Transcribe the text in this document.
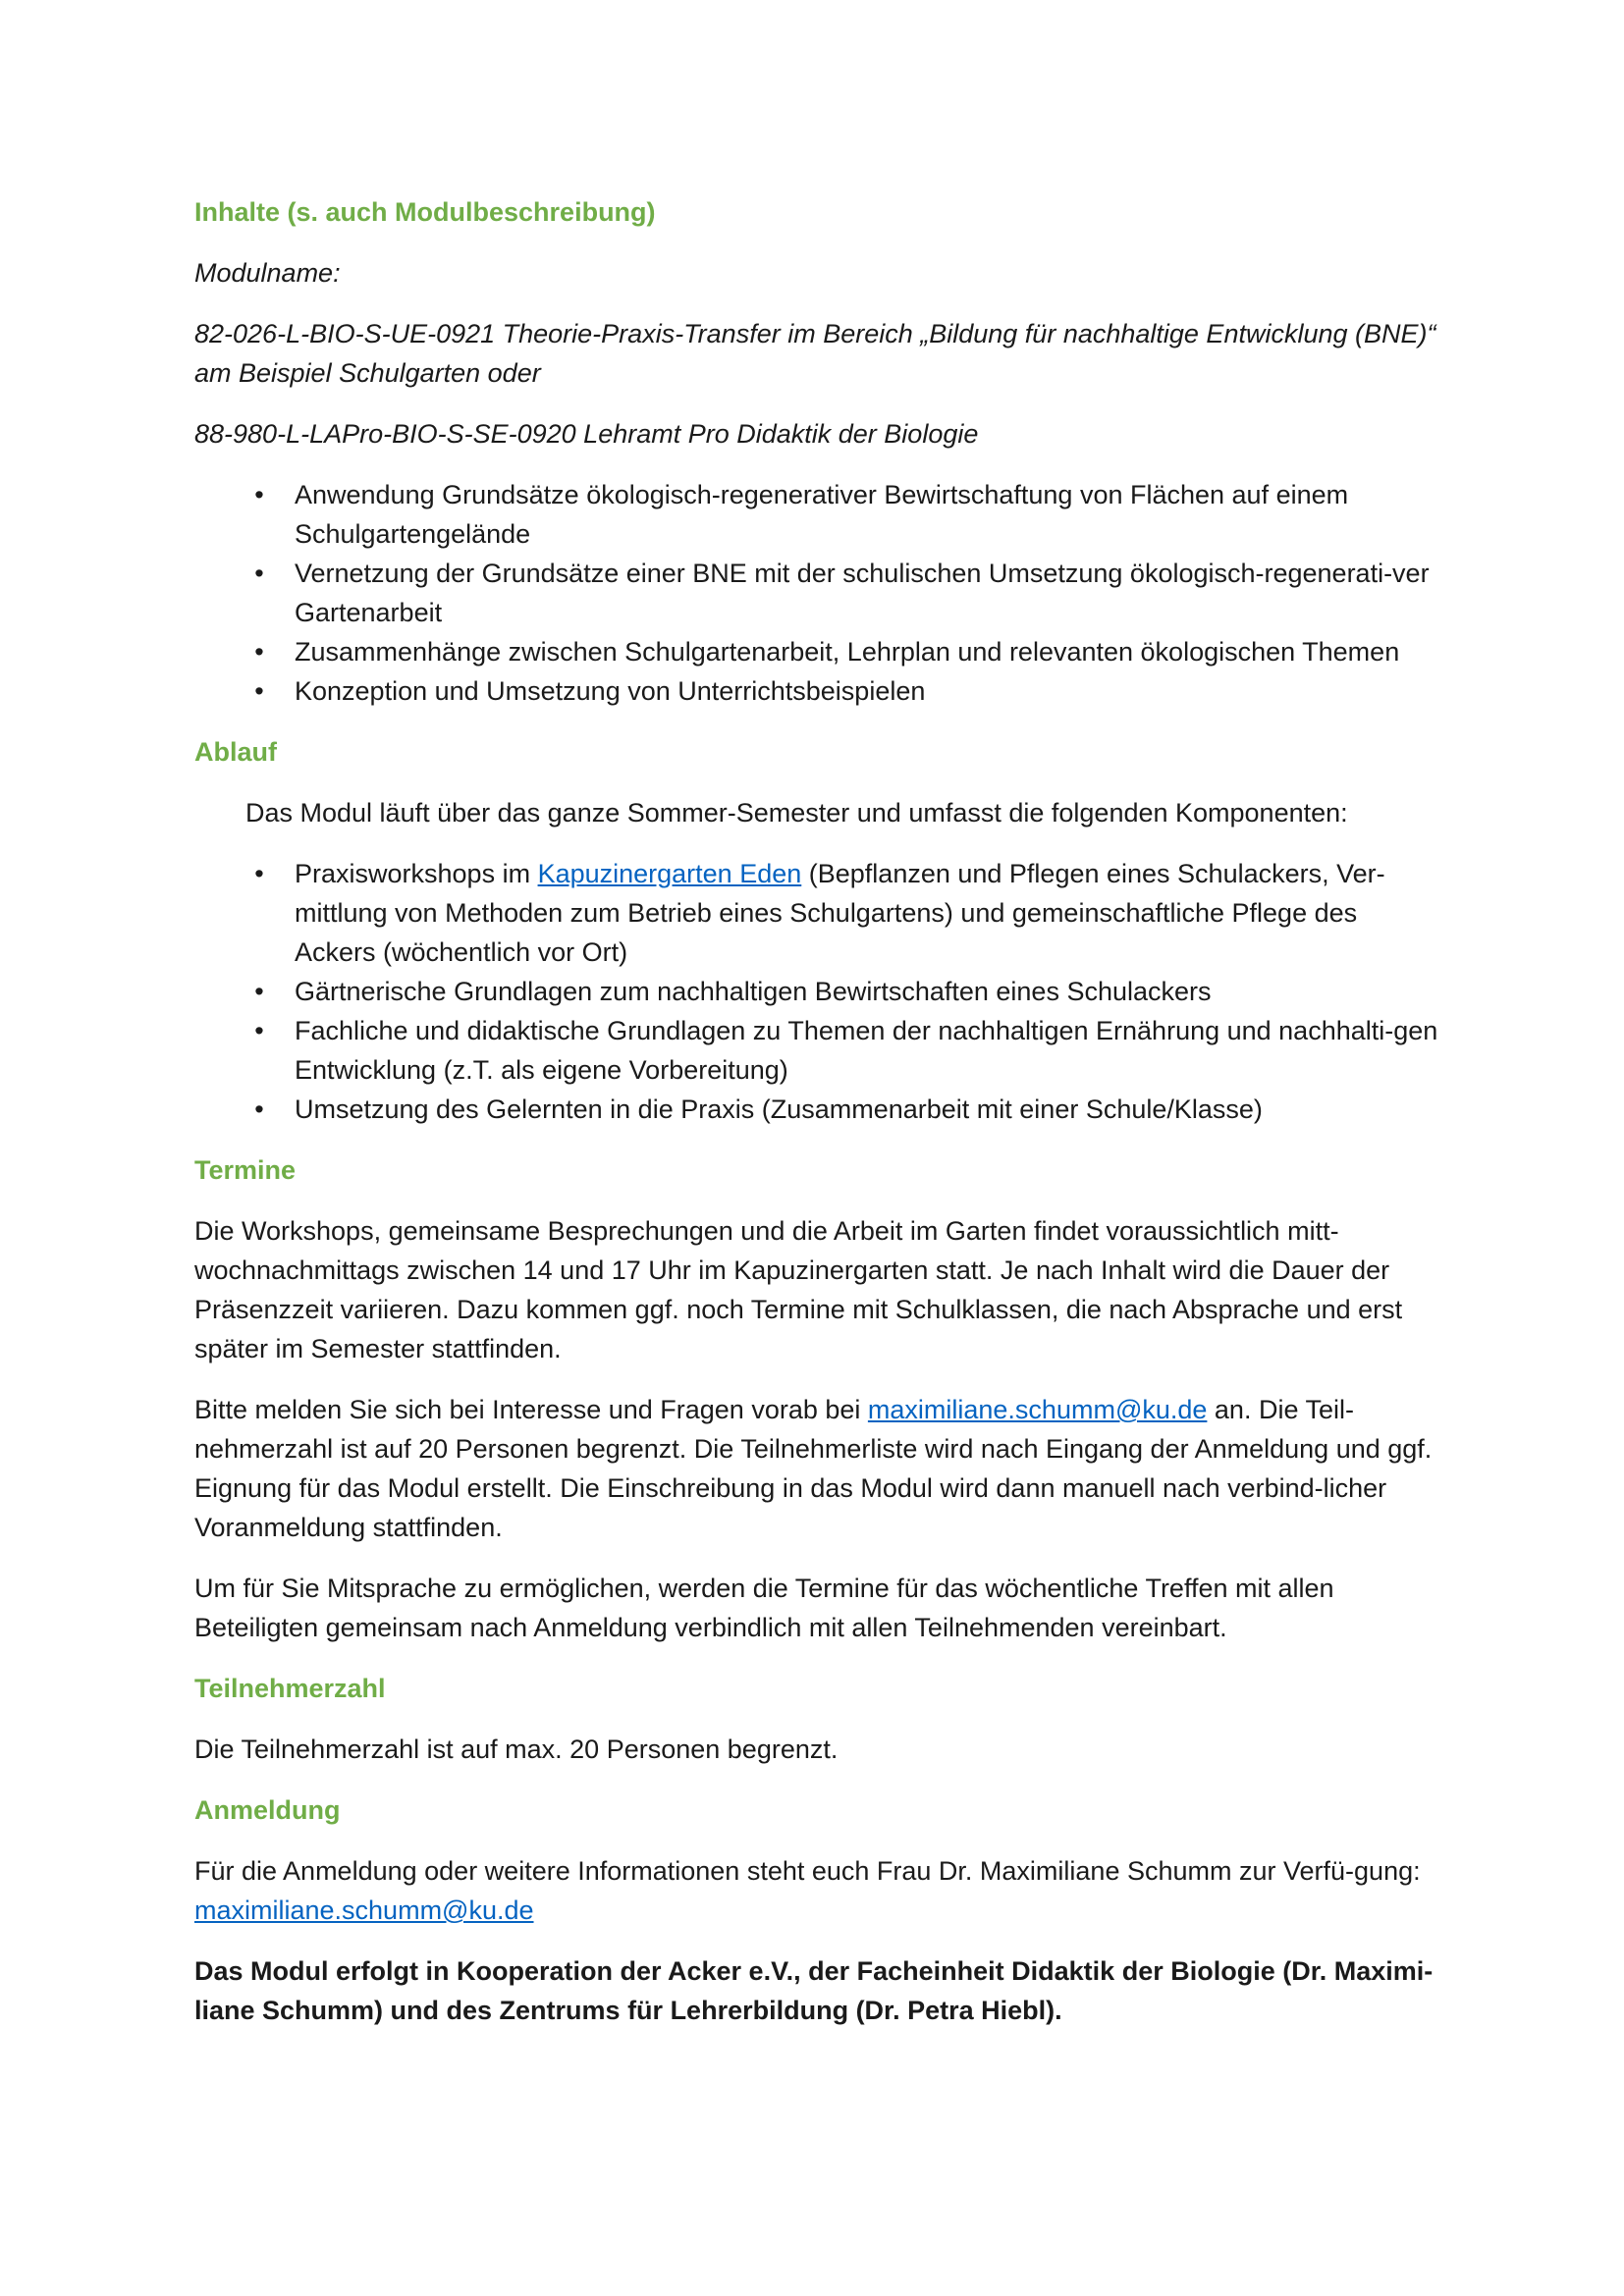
Inhalte (s. auch Modulbeschreibung)
Modulname:
82-026-L-BIO-S-UE-0921 Theorie-Praxis-Transfer im Bereich „Bildung für nachhaltige Entwicklung (BNE)“ am Beispiel Schulgarten oder
88-980-L-LAPro-BIO-S-SE-0920 Lehramt Pro Didaktik der Biologie
• Anwendung Grundsätze ökologisch-regenerativer Bewirtschaftung von Flächen auf einem Schulgartengelände
• Vernetzung der Grundsätze einer BNE mit der schulischen Umsetzung ökologisch-regenerati-ver Gartenarbeit
• Zusammenhänge zwischen Schulgartenarbeit, Lehrplan und relevanten ökologischen Themen
• Konzeption und Umsetzung von Unterrichtsbeispielen
Ablauf

Das Modul läuft über das ganze Sommer-Semester und umfasst die folgenden Komponenten:

• Praxisworkshops im Kapuzinergarten Eden (Bepflanzen und Pflegen eines Schulackers, Ver-mittlung von Methoden zum Betrieb eines Schulgartens) und gemeinschaftliche Pflege des Ackers (wöchentlich vor Ort)
• Gärtnerische Grundlagen zum nachhaltigen Bewirtschaften eines Schulackers
• Fachliche und didaktische Grundlagen zu Themen der nachhaltigen Ernährung und nachhalti-gen Entwicklung (z.T. als eigene Vorbereitung)
• Umsetzung des Gelernten in die Praxis (Zusammenarbeit mit einer Schule/Klasse)
Termine

Die Workshops, gemeinsame Besprechungen und die Arbeit im Garten findet voraussichtlich mitt-wochnachmittags zwischen 14 und 17 Uhr im Kapuzinergarten statt. Je nach Inhalt wird die Dauer der Präsenzzeit variieren. Dazu kommen ggf. noch Termine mit Schulklassen, die nach Absprache und erst später im Semester stattfinden.

Bitte melden Sie sich bei Interesse und Fragen vorab bei maximiliane.schumm@ku.de an. Die Teil-nehmerzahl ist auf 20 Personen begrenzt. Die Teilnehmerliste wird nach Eingang der Anmeldung und ggf. Eignung für das Modul erstellt. Die Einschreibung in das Modul wird dann manuell nach verbind-licher Voranmeldung stattfinden.

Um für Sie Mitsprache zu ermöglichen, werden die Termine für das wöchentliche Treffen mit allen Beteiligten gemeinsam nach Anmeldung verbindlich mit allen Teilnehmenden vereinbart.

Teilnehmerzahl

Die Teilnehmerzahl ist auf max. 20 Personen begrenzt.

Anmeldung

Für die Anmeldung oder weitere Informationen steht euch Frau Dr. Maximiliane Schumm zur Verfü-gung: maximiliane.schumm@ku.de

Das Modul erfolgt in Kooperation der Acker e.V., der Facheinheit Didaktik der Biologie (Dr. Maximi-liane Schumm) und des Zentrums für Lehrerbildung (Dr. Petra Hiebl).
